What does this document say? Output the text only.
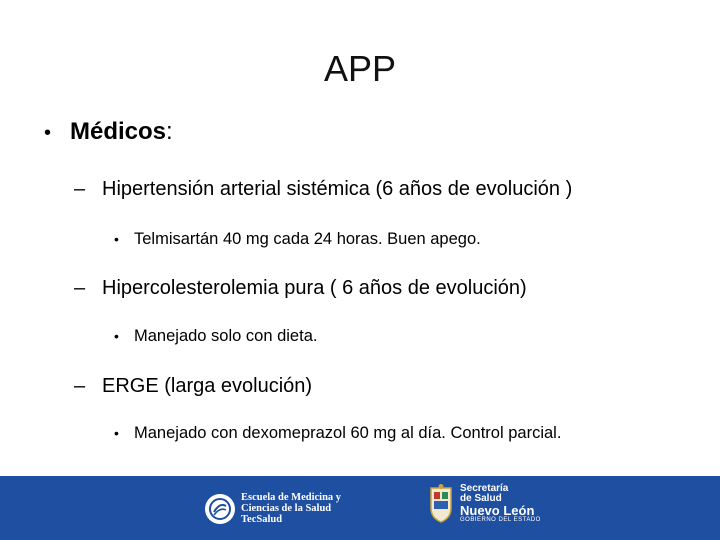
APP
• Médicos :
– Hipertensión arterial sistémica (6 años de evolución )
• Telmisartán 40 mg cada 24 horas. Buen apego.
– Hipercolesterolemia pura ( 6 años de evolución)
• Manejado solo con dieta.
– ERGE (larga evolución)
• Manejado con dexomeprazol 60 mg al día. Control parcial.
Escuela de Medicina y
Ciencias de la Salud
TecSalud
Secretaría
de Salud
Nuevo León
GOBIERNO DEL ESTADO
